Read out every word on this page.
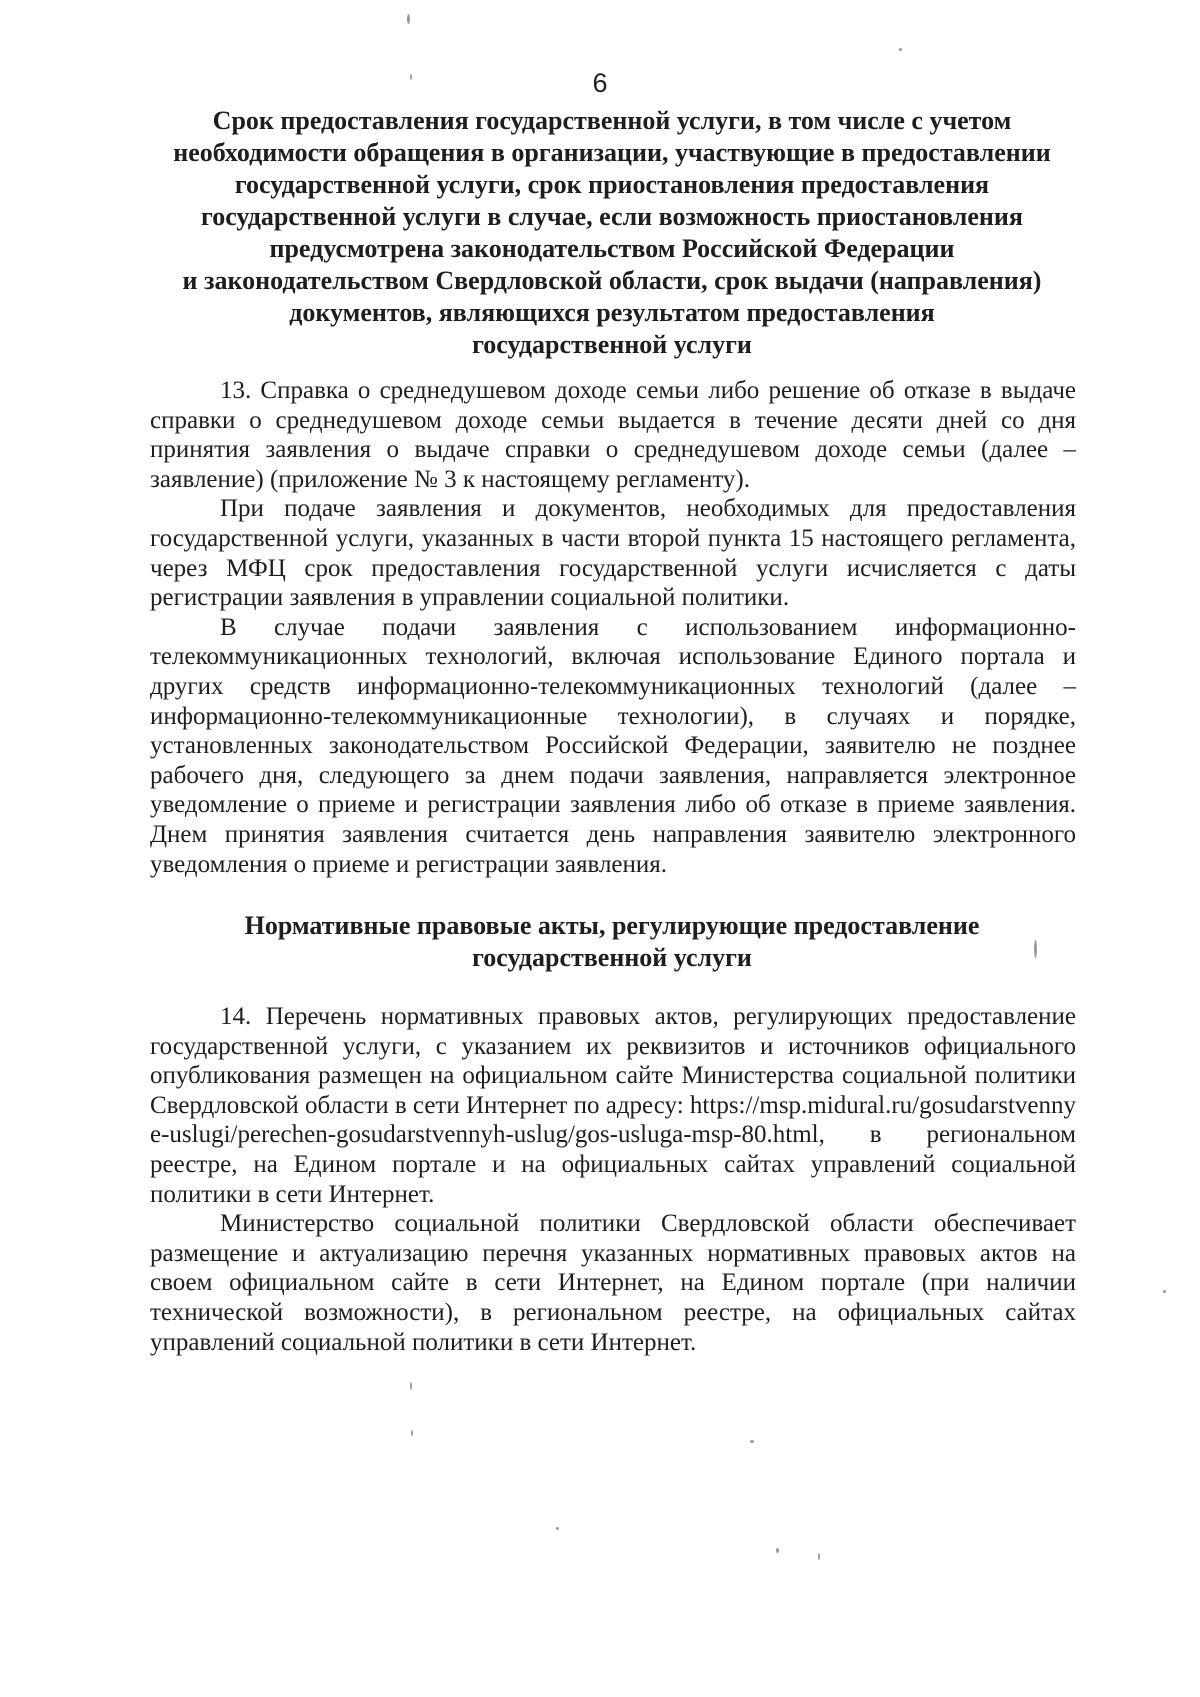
6
Срок предоставления государственной услуги, в том числе с учетом
необходимости обращения в организации, участвующие в предоставлении
государственной услуги, срок приостановления предоставления
государственной услуги в случае, если возможность приостановления
предусмотрена законодательством Российской Федерации
и законодательством Свердловской области, срок выдачи (направления)
документов, являющихся результатом предоставления
государственной услуги

13. Справка о среднедушевом доходе семьи либо решение об отказе в выдаче справки о среднедушевом доходе семьи выдается в течение десяти дней со дня принятия заявления о выдаче справки о среднедушевом доходе семьи (далее – заявление) (приложение № 3 к настоящему регламенту).

При подаче заявления и документов, необходимых для предоставления государственной услуги, указанных в части второй пункта 15 настоящего регламента, через МФЦ срок предоставления государственной услуги исчисляется с даты регистрации заявления в управлении социальной политики.

В случае подачи заявления с использованием информационно-телекоммуникационных технологий, включая использование Единого портала и других средств информационно-телекоммуникационных технологий (далее – информационно-телекоммуникационные технологии), в случаях и порядке, установленных законодательством Российской Федерации, заявителю не позднее рабочего дня, следующего за днем подачи заявления, направляется электронное уведомление о приеме и регистрации заявления либо об отказе в приеме заявления. Днем принятия заявления считается день направления заявителю электронного уведомления о приеме и регистрации заявления.

Нормативные правовые акты, регулирующие предоставление
государственной услуги

14. Перечень нормативных правовых актов, регулирующих предоставление государственной услуги, с указанием их реквизитов и источников официального опубликования размещен на официальном сайте Министерства социальной политики Свердловской области в сети Интернет по адресу: https://msp.midural.ru/gosudarstvennye-uslugi/perechen-gosudarstvennyh-uslug/gos-usluga-msp-80.html, в региональном реестре, на Едином портале и на официальных сайтах управлений социальной политики в сети Интернет.

Министерство социальной политики Свердловской области обеспечивает размещение и актуализацию перечня указанных нормативных правовых актов на своем официальном сайте в сети Интернет, на Едином портале (при наличии технической возможности), в региональном реестре, на официальных сайтах управлений социальной политики в сети Интернет.
